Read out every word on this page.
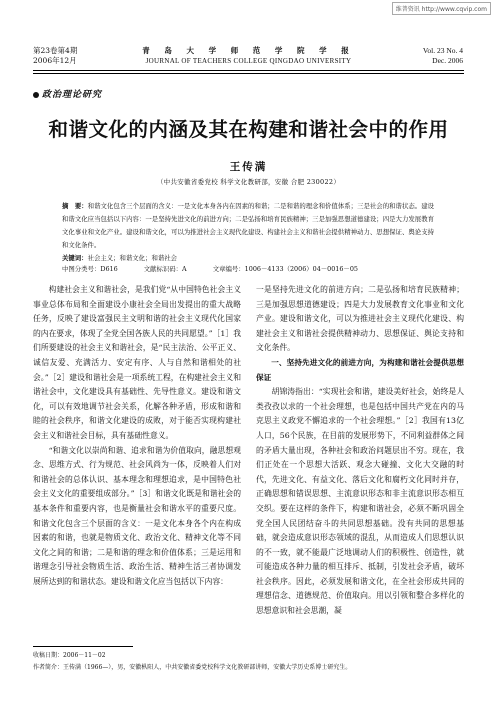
维普资讯 http://www.cqvip.com
第23卷第4期
2006年12月
青 岛 大 学 师 范 学 院 学 报
JOURNAL OF TEACHERS COLLEGE QINGDAO UNIVERSITY
Vol. 23 No. 4
Dec. 2006
政治理论研究
和谐文化的内涵及其在构建和谐社会中的作用
王传满
（中共安徽省委党校 科学文化教研部，安徽 合肥 230022）
摘　要：和谐文化包含三个层面的含义：一是文化本身各内在因素的和谐；二是和谐的理念和价值体系；三是社会的和谐状态。建设和谐文化应当包括以下内容：一是坚持先进文化的前进方向；二是弘扬和培育民族精神；三是加强思想道德建设；四是大力发展教育文化事业和文化产业。建设和谐文化，可以为推进社会主义现代化建设、构建社会主义和谐社会提供精神动力、思想保证、舆论支持和文化条件。
关键词：社会主义；和谐文化；和谐社会
中图分类号：D616	文献标识码：A	文章编号：1006－4133（2006）04－0016－05

构建社会主义和谐社会，是我们党“从中国特色社会主义事业总体布局和全面建设小康社会全局出发提出的重大战略任务，反映了建设富强民主文明和谐的社会主义现代化国家的内在要求，体现了全党全国各族人民的共同愿望。”［1］我们所要建设的社会主义和谐社会，是“民主法治、公平正义、诚信友爱、充满活力、安定有序、人与自然和谐相处的社会。”［2］建设和谐社会是一项系统工程，在构建社会主义和谐社会中，文化建设具有基础性、先导性意义。建设和谐文化，可以有效地调节社会关系，化解各种矛盾，形成和谐和睦的社会秩序，和谐文化建设的成败，对于能否实现构建社会主义和谐社会目标，具有基础性意义。

“和谐文化以崇尚和谐、追求和谐为价值取向，融思想观念、思维方式、行为规范、社会风尚为一体，反映着人们对和谐社会的总体认识、基本理念和理想追求，是中国特色社会主义文化的重要组成部分。”［3］和谐文化既是和谐社会的基本条件和重要内容，也是衡量社会和谐水平的重要尺度。和谐文化包含三个层面的含义：一是文化本身各个内在构成因素的和谐，也就是物质文化、政治文化、精神文化等不同文化之间的和谐；二是和谐的理念和价值体系；三是运用和谐理念引导社会物质生活、政治生活、精神生活三者协调发展所达到的和谐状态。建设和谐文化应当包括以下内容：

一是坚持先进文化的前进方向；二是弘扬和培育民族精神；三是加强思想道德建设；四是大力发展教育文化事业和文化产业。建设和谐文化，可以为推进社会主义现代化建设、构建社会主义和谐社会提供精神动力、思想保证、舆论支持和文化条件。

一、坚持先进文化的前进方向，为构建和谐社会提供思想保证

胡锦涛指出：“实现社会和谐，建设美好社会，始终是人类孜孜以求的一个社会理想，也是包括中国共产党在内的马克思主义政党不懈追求的一个社会理想。”［2］我国有13亿人口，56个民族，在目前的发展形势下，不同利益群体之间的矛盾大量出现，各种社会和政治问题层出不穷。现在，我们正处在一个思想大活跃、观念大碰撞、文化大交融的时代，先进文化、有益文化、落后文化和腐朽文化同时并存，正确思想和错误思想、主流意识形态和非主流意识形态相互交织。要在这样的条件下，构建和谐社会，必须不断巩固全党全国人民团结奋斗的共同思想基础。没有共同的思想基础，就会造成意识形态领域的混乱，从而造成人们思想认识的不一致，就不能最广泛地调动人们的积极性、创造性，就可能造成各种力量的相互排斥、抵制，引发社会矛盾，破坏社会秩序。因此，必须发展和谐文化，在全社会形成共同的理想信念、道德规范、价值取向。用以引领和整合多样化的思想意识和社会思潮，凝

收稿日期：2006－11－02
作者简介：王传满（1966—），男，安徽枞阳人，中共安徽省委党校科学文化教研部讲师，安徽大学历史系博士研究生。
